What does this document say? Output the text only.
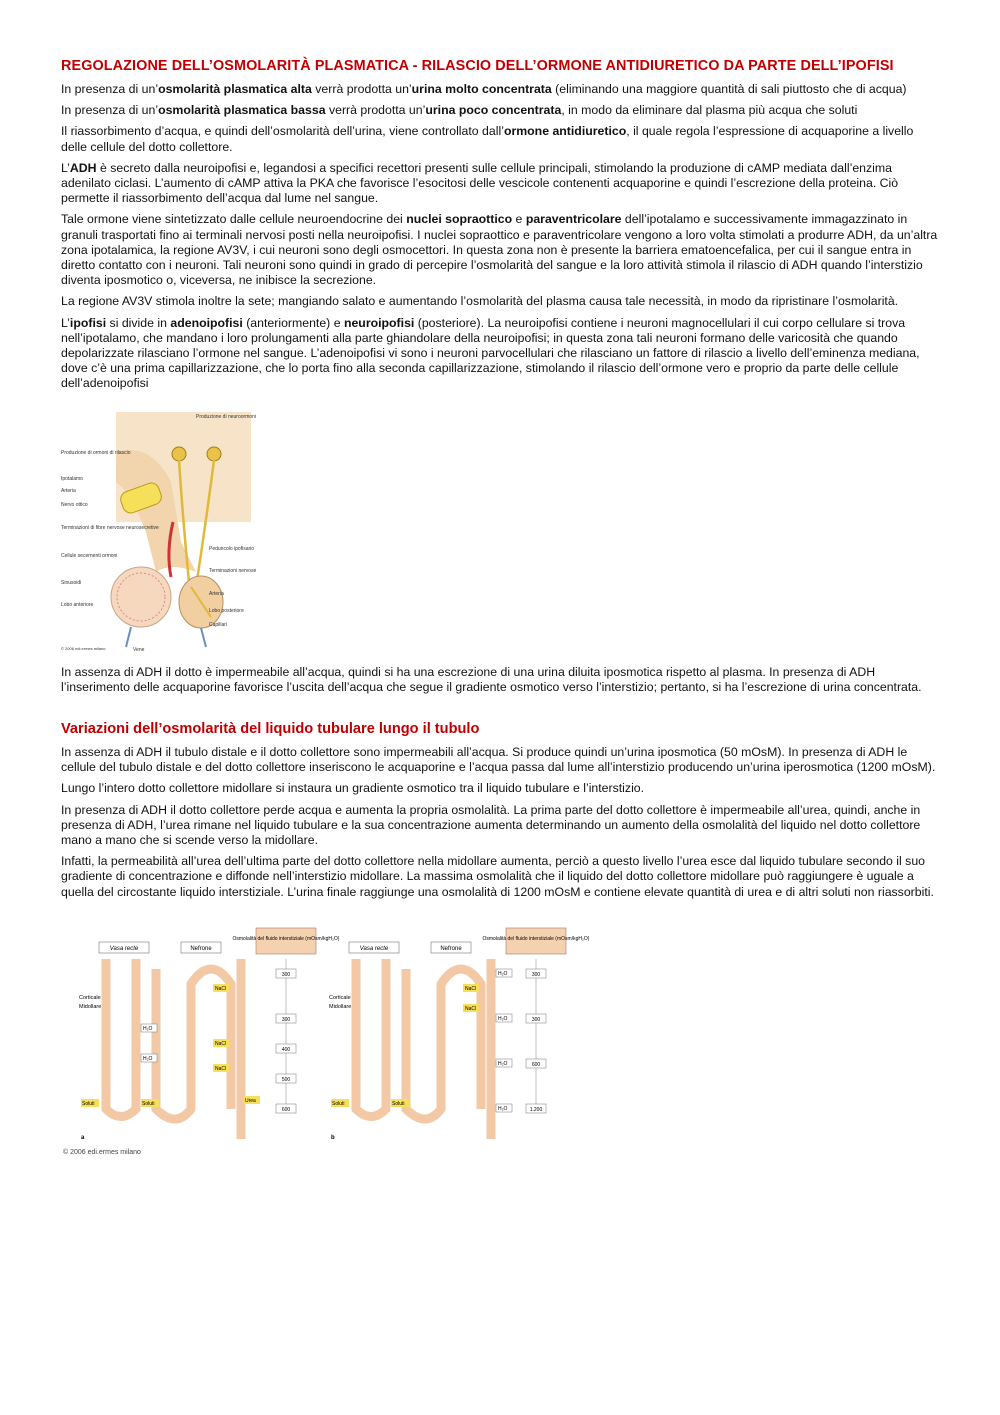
REGOLAZIONE DELL’OSMOLARITÀ PLASMATICA - RILASCIO DELL’ORMONE ANTIDIURETICO DA PARTE DELL’IPOFISI

In presenza di un’osmolarità plasmatica alta verrà prodotta un’urina molto concentrata (eliminando una maggiore quantità di sali piuttosto che di acqua)

In presenza di un’osmolarità plasmatica bassa verrà prodotta un’urina poco concentrata, in modo da eliminare dal plasma più acqua che soluti

Il riassorbimento d’acqua, e quindi dell’osmolarità dell’urina, viene controllato dall’ormone antidiuretico, il quale regola l’espressione di acquaporine a livello delle cellule del dotto collettore.

L’ADH è secreto dalla neuroipofisi e, legandosi a specifici recettori presenti sulle cellule principali, stimolando la produzione di cAMP mediata dall’enzima adenilato ciclasi. L’aumento di cAMP attiva la PKA che favorisce l’esocitosi delle vescicole contenenti acquaporine e quindi l’escrezione della proteina. Ciò permette il riassorbimento dell’acqua dal lume nel sangue.

Tale ormone viene sintetizzato dalle cellule neuroendocrine dei nuclei sopraottico e paraventricolare dell’ipotalamo e successivamente immagazzinato in granuli trasportati fino ai terminali nervosi posti nella neuroipofisi. I nuclei sopraottico e paraventricolare vengono a loro volta stimolati a produrre ADH, da un’altra zona ipotalamica, la regione AV3V, i cui neuroni sono degli osmocettori. In questa zona non è presente la barriera ematoencefalica, per cui il sangue entra in diretto contatto con i neuroni. Tali neuroni sono quindi in grado di percepire l’osmolarità del sangue e la loro attività stimola il rilascio di ADH quando l’interstizio diventa iposmotico o, viceversa, ne inibisce la secrezione.

La regione AV3V stimola inoltre la sete; mangiando salato e aumentando l’osmolarità del plasma causa tale necessità, in modo da ripristinare l’osmolarità.

L’ipofisi si divide in adenoipofisi (anteriormente) e neuroipofisi (posteriore). La neuroipofisi contiene i neuroni magnocellulari il cui corpo cellulare si trova nell’ipotalamo, che mandano i loro prolungamenti alla parte ghiandolare della neuroipofisi; in questa zona tali neuroni formano delle varicosità che quando depolarizzate rilasciano l’ormone nel sangue. L’adenoipofisi vi sono i neuroni parvocellulari che rilasciano un fattore di rilascio a livello dell’eminenza mediana, dove c’è una prima capillarizzazione, che lo porta fino alla seconda capillarizzazione, stimolando il rilascio dell’ormone vero e proprio da parte delle cellule dell’adenoipofisi

Produzione di neuroormoni
Produzione di ormoni di rilascio
Ipotalamo
Arteria
Nervo ottico
Terminazioni di fibre nervose neurosecretive
Cellule secernenti ormoni
Sinusoidi
Lobo anteriore
Peduncolo ipofisario
Terminazioni nervose
Arteria
Lobo posteriore
Capillari
Vene
© 2006 edi.ermes milano

In assenza di ADH il dotto è impermeabile all’acqua, quindi si ha una escrezione di una urina diluita iposmotica rispetto al plasma. In presenza di ADH l’inserimento delle acquaporine favorisce l’uscita dell’acqua che segue il gradiente osmotico verso l’interstizio; pertanto, si ha l’escrezione di urina concentrata.

Variazioni dell’osmolarità del liquido tubulare lungo il tubulo

In assenza di ADH il tubulo distale e il dotto collettore sono impermeabili all’acqua. Si produce quindi un’urina iposmotica (50 mOsM). In presenza di ADH le cellule del tubulo distale e del dotto collettore inseriscono le acquaporine e l’acqua passa dal lume all’interstizio producendo un’urina iperosmotica (1200 mOsM).

Lungo l’intero dotto collettore midollare si instaura un gradiente osmotico tra il liquido tubulare e l’interstizio.

In presenza di ADH il dotto collettore perde acqua e aumenta la propria osmolalità. La prima parte del dotto collettore è impermeabile all’urea, quindi, anche in presenza di ADH, l’urea rimane nel liquido tubulare e la sua concentrazione aumenta determinando un aumento della osmolalità del liquido nel dotto collettore mano a mano che si scende verso la midollare.

Infatti, la permeabilità all’urea dell’ultima parte del dotto collettore nella midollare aumenta, perciò a questo livello l’urea esce dal liquido tubulare secondo il suo gradiente di concentrazione e diffonde nell’interstizio midollare. La massima osmolalità che il liquido del dotto collettore midollare può raggiungere è uguale a quella del circostante liquido interstiziale. L’urina finale raggiunge una osmolalità di 1200 mOsM e contiene elevate quantità di urea e di altri soluti non riassorbiti.

Vasa recte	Nefrone
Osmolalità del fluido interstiziale (mOsm/kgH₂O)
Corticale
Midollare
300
300
400
500
600
NaCl
NaCl
NaCl
H₂O
H₂O
Soluti	Soluti	Urea
a
Vasa recte	Nefrone
Osmolalità del fluido interstiziale (mOsm/kgH₂O)
Corticale
Midollare
300
300
600
1.200
NaCl
NaCl
H₂O
H₂O
H₂O
H₂O
Soluti	Soluti
b
© 2006 edi.ermes milano
